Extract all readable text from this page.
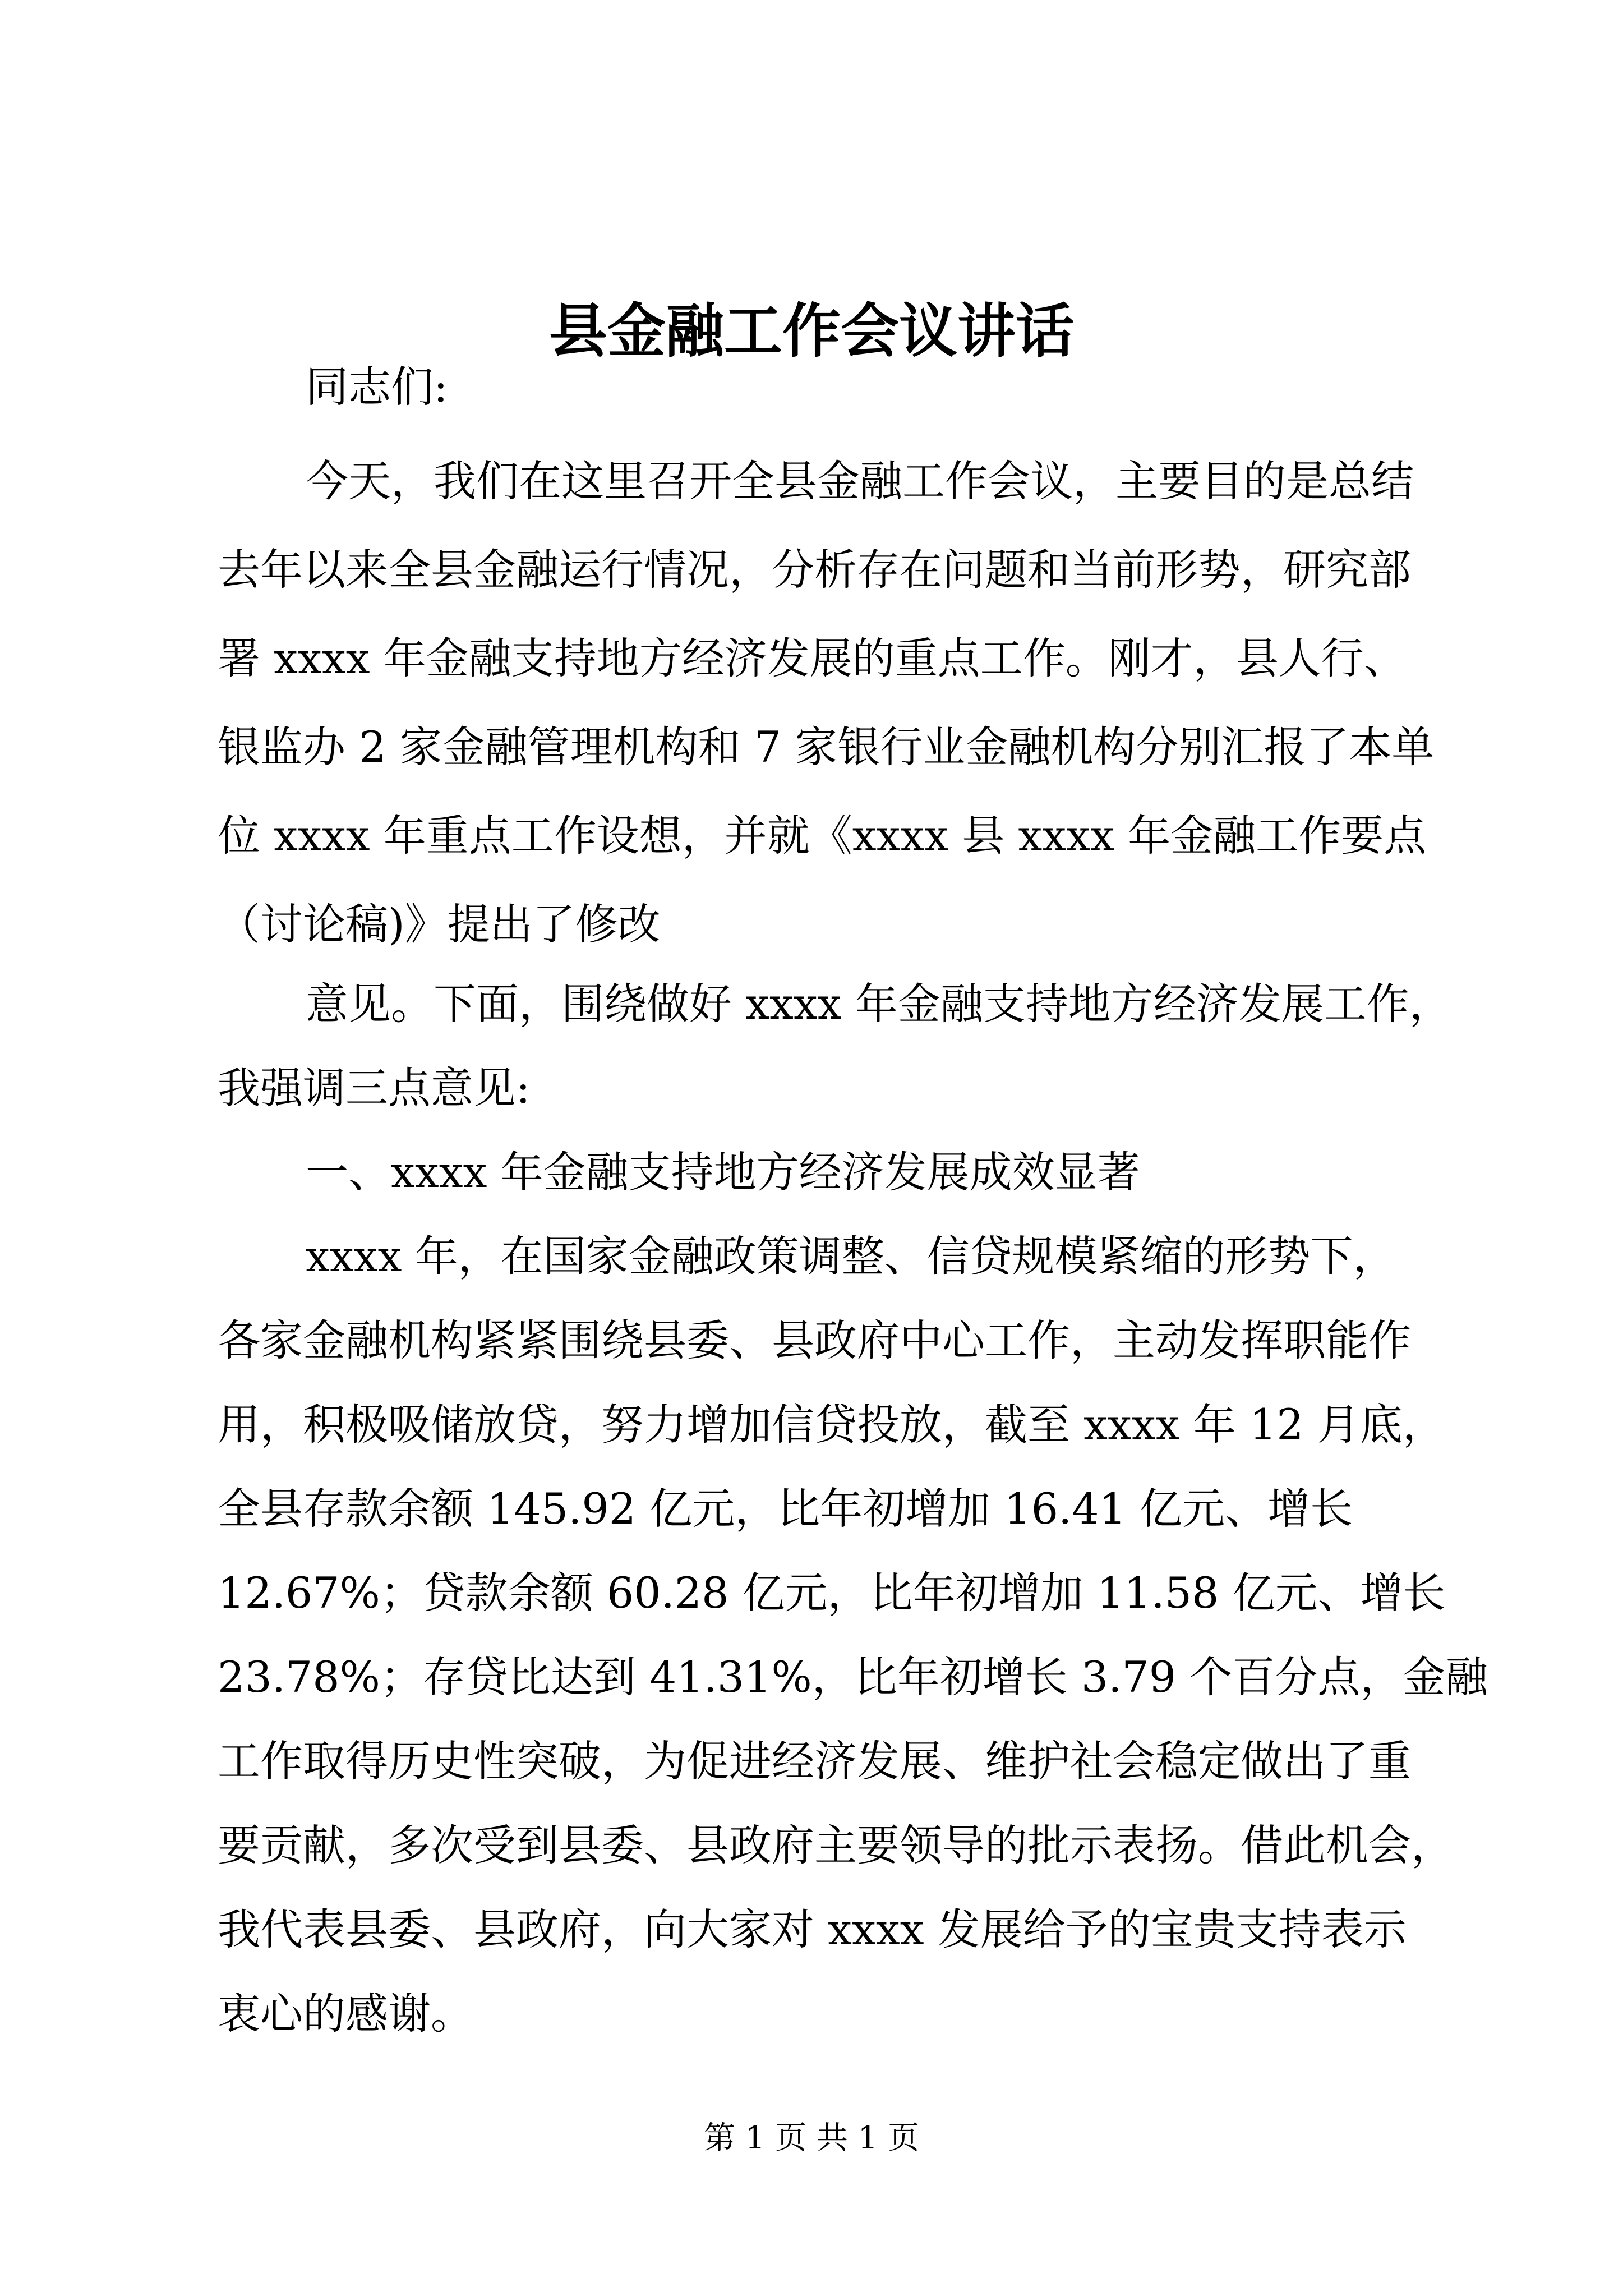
县金融工作会议讲话

同志们:

今天，我们在这里召开全县金融工作会议，主要目的是总结

去年以来全县金融运行情况，分析存在问题和当前形势，研究部

署 xxxx 年金融支持地方经济发展的重点工作。刚才，县人行、

银监办 2 家金融管理机构和 7 家银行业金融机构分别汇报了本单

位 xxxx 年重点工作设想，并就《xxxx 县 xxxx 年金融工作要点

（讨论稿)》提出了修改

意见。下面，围绕做好 xxxx 年金融支持地方经济发展工作，

我强调三点意见:

一、xxxx 年金融支持地方经济发展成效显著

xxxx 年，在国家金融政策调整、信贷规模紧缩的形势下，

各家金融机构紧紧围绕县委、县政府中心工作，主动发挥职能作

用，积极吸储放贷，努力增加信贷投放，截至 xxxx 年 12 月底，

全县存款余额 145.92 亿元，比年初增加 16.41 亿元、增长

12.67%；贷款余额 60.28 亿元，比年初增加 11.58 亿元、增长

23.78%；存贷比达到 41.31%，比年初增长 3.79 个百分点，金融

工作取得历史性突破，为促进经济发展、维护社会稳定做出了重

要贡献，多次受到县委、县政府主要领导的批示表扬。借此机会，

我代表县委、县政府，向大家对 xxxx 发展给予的宝贵支持表示

衷心的感谢。

第 1 页 共 1 页
